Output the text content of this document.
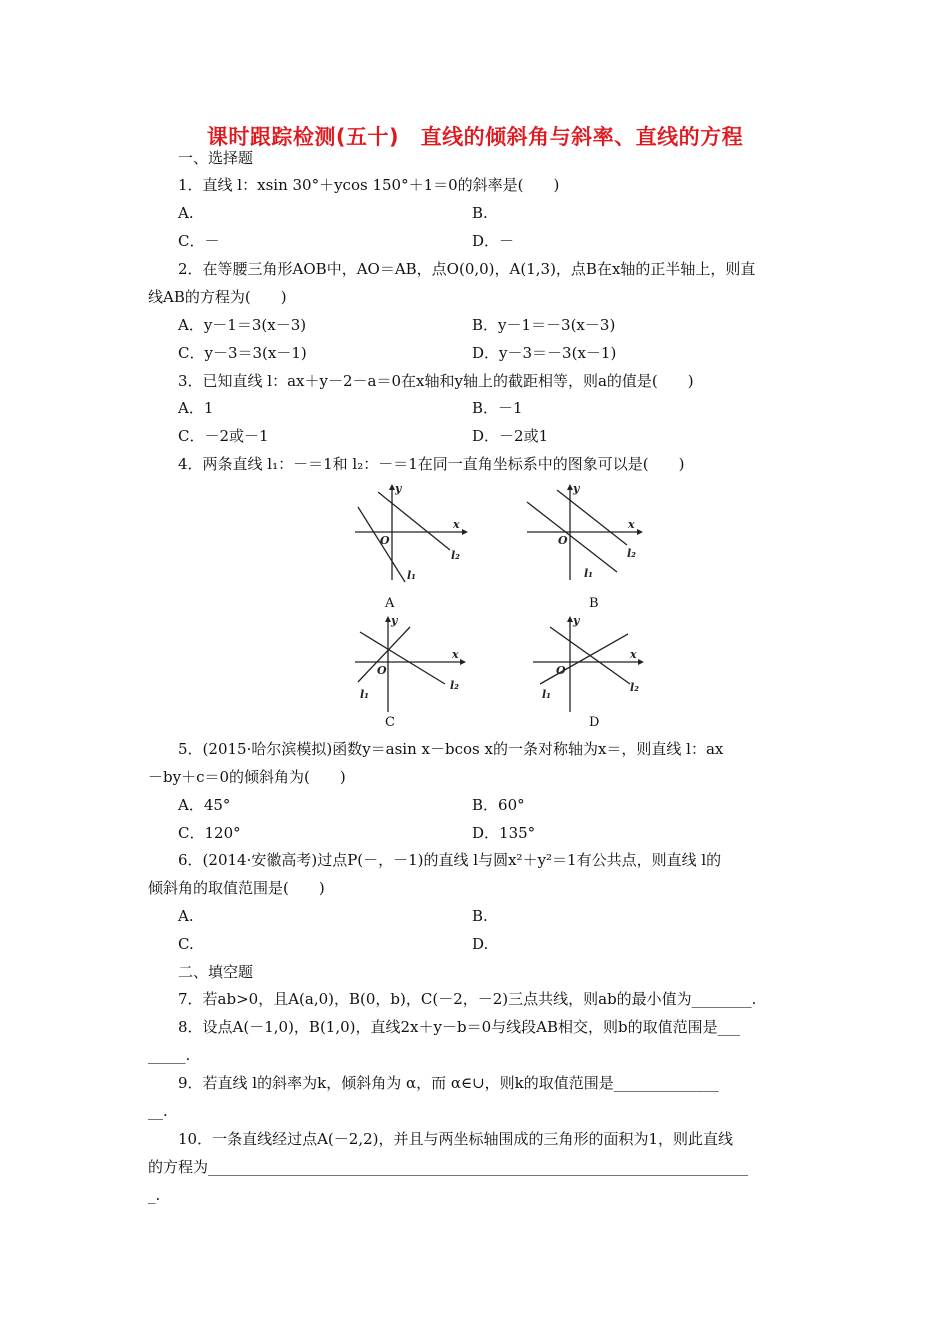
课时跟踪检测(五十)　直线的倾斜角与斜率、直线的方程
一、选择题
1．直线 l：xsin 30°＋ycos 150°＋1＝0的斜率是(　　)
A.	B.
C．－	D．－
2．在等腰三角形AOB中，AO＝AB，点O(0,0)，A(1,3)，点B在x轴的正半轴上，则直
线AB的方程为(　　)
A．y－1＝3(x－3)	B．y－1＝－3(x－3)
C．y－3＝3(x－1)	D．y－3＝－3(x－1)
3．已知直线 l：ax＋y－2－a＝0在x轴和y轴上的截距相等，则a的值是(　　)
A．1	B．－1
C．－2或－1	D．－2或1
4．两条直线 l₁：－＝1和 l₂：－＝1在同一直角坐标系中的图象可以是(　　)
y
x
O
l₁
l₂
A
y
x
O
l₁
l₂
B
y
x
O
l₁
l₂
C
y
x
O
l₁
l₂
D
5．(2015·哈尔滨模拟)函数y＝asin x－bcos x的一条对称轴为x＝，则直线 l：ax
－by＋c＝0的倾斜角为(　　)
A．45°	B．60°
C．120°	D．135°
6．(2014·安徽高考)过点P(－，－1)的直线 l与圆x²＋y²＝1有公共点，则直线 l的
倾斜角的取值范围是(　　)
A.	B.
C.	D.
二、填空题
7．若ab>0，且A(a,0)，B(0，b)，C(－2，－2)三点共线，则ab的最小值为________.
8．设点A(－1,0)，B(1,0)，直线2x＋y－b＝0与线段AB相交，则b的取值范围是___
_____.
9．若直线 l的斜率为k，倾斜角为 α，而 α∈∪，则k的取值范围是______________
__.
10．一条直线经过点A(－2,2)，并且与两坐标轴围成的三角形的面积为1，则此直线
的方程为________________________________________________________________________
_.
